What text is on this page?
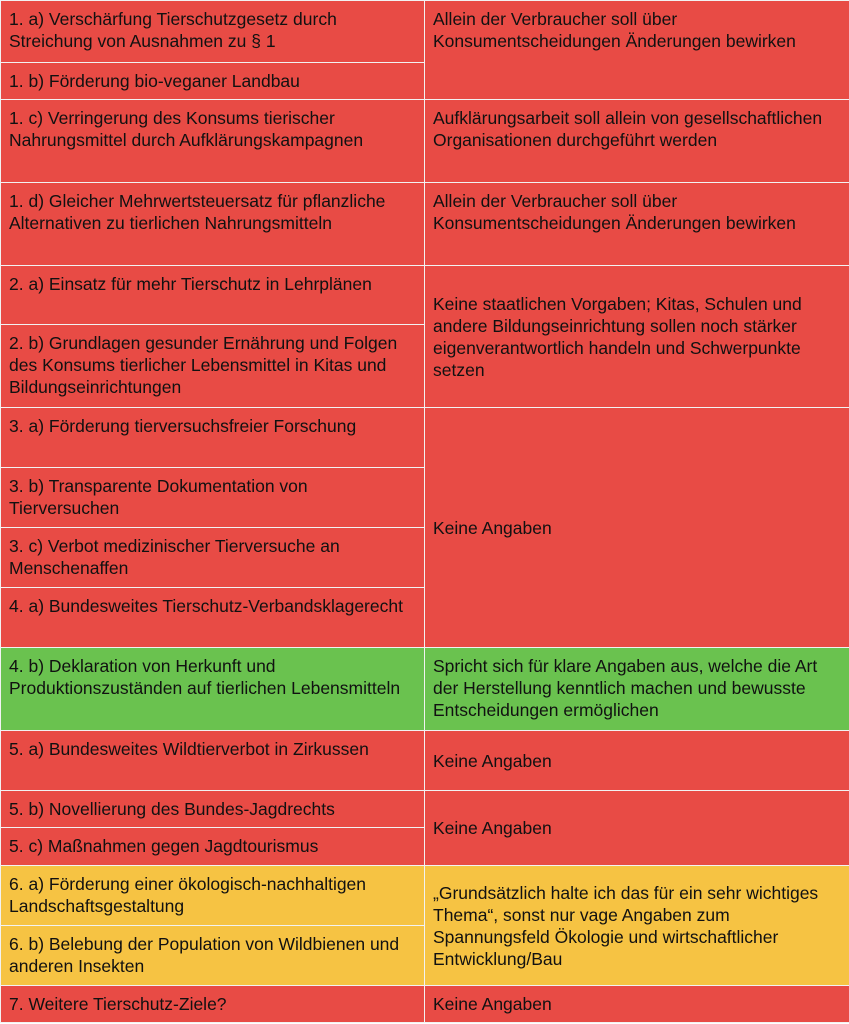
1. a) Verschärfung Tierschutzgesetz durch Streichung von Ausnahmen zu § 1	Allein der Verbraucher soll über Konsumentscheidungen Änderungen bewirken
1. b) Förderung bio-veganer Landbau	
1. c) Verringerung des Konsums tierischer Nahrungsmittel durch Aufklärungskampagnen	Aufklärungsarbeit soll allein von gesellschaftlichen Organisationen durchgeführt werden
1. d) Gleicher Mehrwertsteuersatz für pflanzliche Alternativen zu tierlichen Nahrungsmitteln	Allein der Verbraucher soll über Konsumentscheidungen Änderungen bewirken
2. a) Einsatz für mehr Tierschutz in Lehrplänen	Keine staatlichen Vorgaben; Kitas, Schulen und andere Bildungseinrichtung sollen noch stärker eigenverantwortlich handeln und Schwerpunkte setzen
2. b) Grundlagen gesunder Ernährung und Folgen des Konsums tierlicher Lebensmittel in Kitas und Bildungseinrichtungen	
3. a) Förderung tierversuchsfreier Forschung	Keine Angaben
3. b) Transparente Dokumentation von Tierversuchen	
3. c) Verbot medizinischer Tierversuche an Menschenaffen	
4. a) Bundesweites Tierschutz-Verbandsklagerecht	
4. b) Deklaration von Herkunft und Produktionszuständen auf tierlichen Lebensmitteln	Spricht sich für klare Angaben aus, welche die Art der Herstellung kenntlich machen und bewusste Entscheidungen ermöglichen
5. a) Bundesweites Wildtierverbot in Zirkussen	Keine Angaben
5. b) Novellierung des Bundes-Jagdrechts	Keine Angaben
5. c) Maßnahmen gegen Jagdtourismus	
6. a) Förderung einer ökologisch-nachhaltigen Landschaftsgestaltung	„Grundsätzlich halte ich das für ein sehr wichtiges Thema“, sonst nur vage Angaben zum Spannungsfeld Ökologie und wirtschaftlicher Entwicklung/Bau
6. b) Belebung der Population von Wildbienen und anderen Insekten	
7. Weitere Tierschutz-Ziele?	Keine Angaben
